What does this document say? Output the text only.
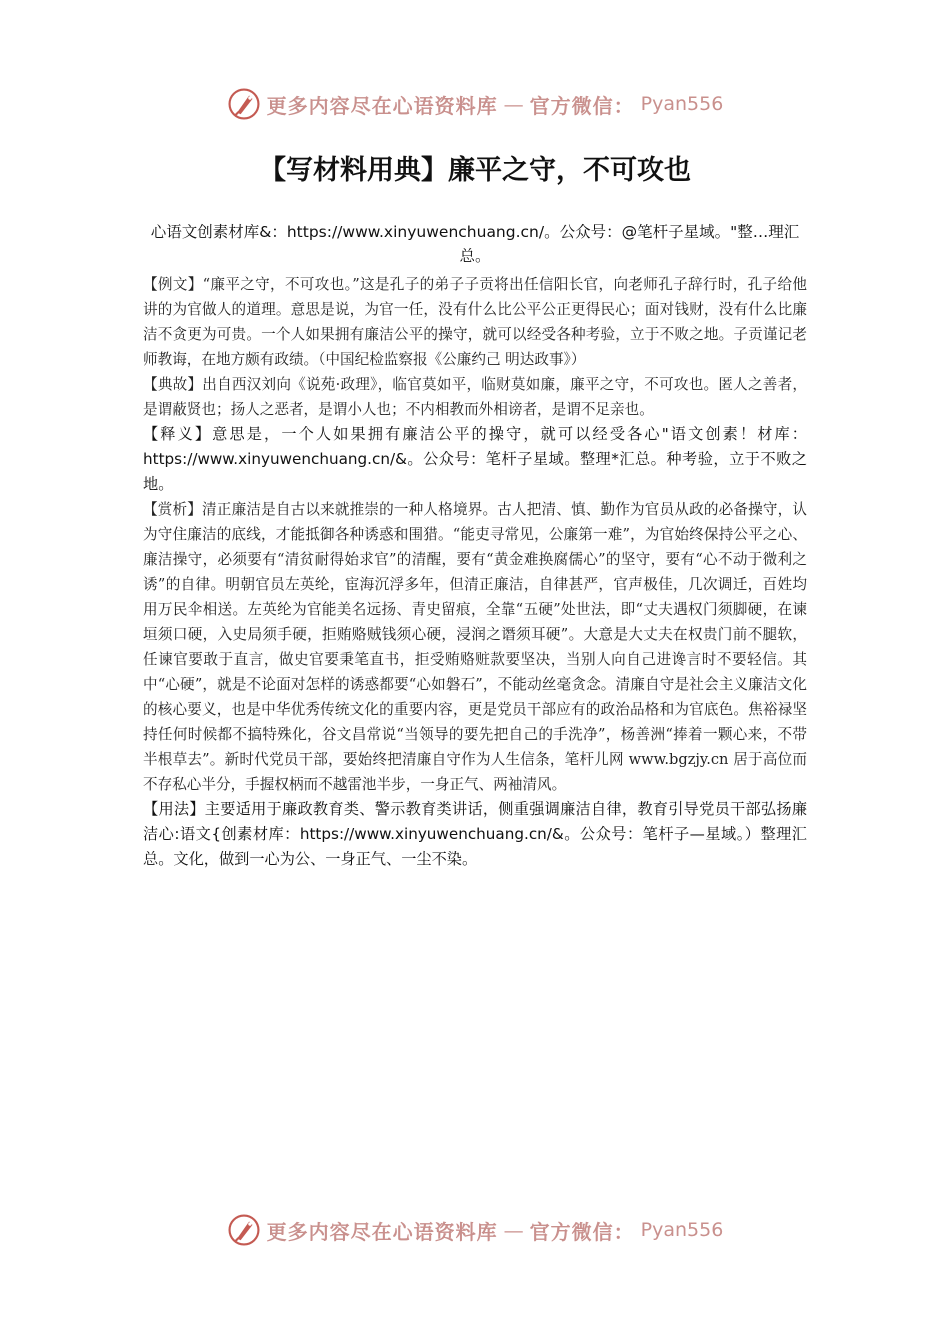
更多内容尽在心语资料库 — 官方微信： Pyan556
【写材料用典】廉平之守，不可攻也

心语文创素材库&：https://www.xinyuwenchuang.cn/。公众号：@笔杆子星域。"整…理汇总。

【例文】“廉平之守，不可攻也。”这是孔子的弟子子贡将出任信阳长官，向老师孔子辞行时，孔子给他讲的为官做人的道理。意思是说，为官一任，没有什么比公平公正更得民心；面对钱财，没有什么比廉洁不贪更为可贵。一个人如果拥有廉洁公平的操守，就可以经受各种考验，立于不败之地。子贡谨记老师教诲，在地方颇有政绩。（中国纪检监察报《公廉约己 明达政事》）

【典故】出自西汉刘向《说苑·政理》，临官莫如平，临财莫如廉，廉平之守，不可攻也。匿人之善者，是谓蔽贤也；扬人之恶者，是谓小人也；不内相教而外相谤者，是谓不足亲也。

【释义】意思是，一个人如果拥有廉洁公平的操守，就可以经受各心"语文创素！材库：https://www.xinyuwenchuang.cn/&。公众号：笔杆子星域。整理*汇总。种考验，立于不败之地。

【赏析】清正廉洁是自古以来就推崇的一种人格境界。古人把清、慎、勤作为官员从政的必备操守，认为守住廉洁的底线，才能抵御各种诱惑和围猎。“能吏寻常见，公廉第一难”，为官始终保持公平之心、廉洁操守，必须要有“清贫耐得始求官”的清醒，要有“黄金难换腐儒心”的坚守，要有“心不动于微利之诱”的自律。明朝官员左英纶，宦海沉浮多年，但清正廉洁，自律甚严，官声极佳，几次调迁，百姓均用万民伞相送。左英纶为官能美名远扬、青史留痕，全靠“五硬”处世法，即“丈夫遇权门须脚硬，在谏垣须口硬，入史局须手硬，拒贿赂贼钱须心硬，浸润之谮须耳硬”。大意是大丈夫在权贵门前不腿软，任谏官要敢于直言，做史官要秉笔直书，拒受贿赂赃款要坚决，当别人向自己进谗言时不要轻信。其中“心硬”，就是不论面对怎样的诱惑都要“心如磐石”，不能动丝毫贪念。清廉自守是社会主义廉洁文化的核心要义，也是中华优秀传统文化的重要内容，更是党员干部应有的政治品格和为官底色。焦裕禄坚持任何时候都不搞特殊化，谷文昌常说“当领导的要先把自己的手洗净”，杨善洲“捧着一颗心来，不带半根草去”。新时代党员干部，要始终把清廉自守作为人生信条，笔杆儿网 www.bgzjy.cn 居于高位而不存私心半分，手握权柄而不越雷池半步，一身正气、两袖清风。

【用法】主要适用于廉政教育类、警示教育类讲话，侧重强调廉洁自律，教育引导党员干部弘扬廉洁心:语文{创素材库：https://www.xinyuwenchuang.cn/&。公众号：笔杆子—星域。）整理汇总。文化，做到一心为公、一身正气、一尘不染。

更多内容尽在心语资料库 — 官方微信： Pyan556
